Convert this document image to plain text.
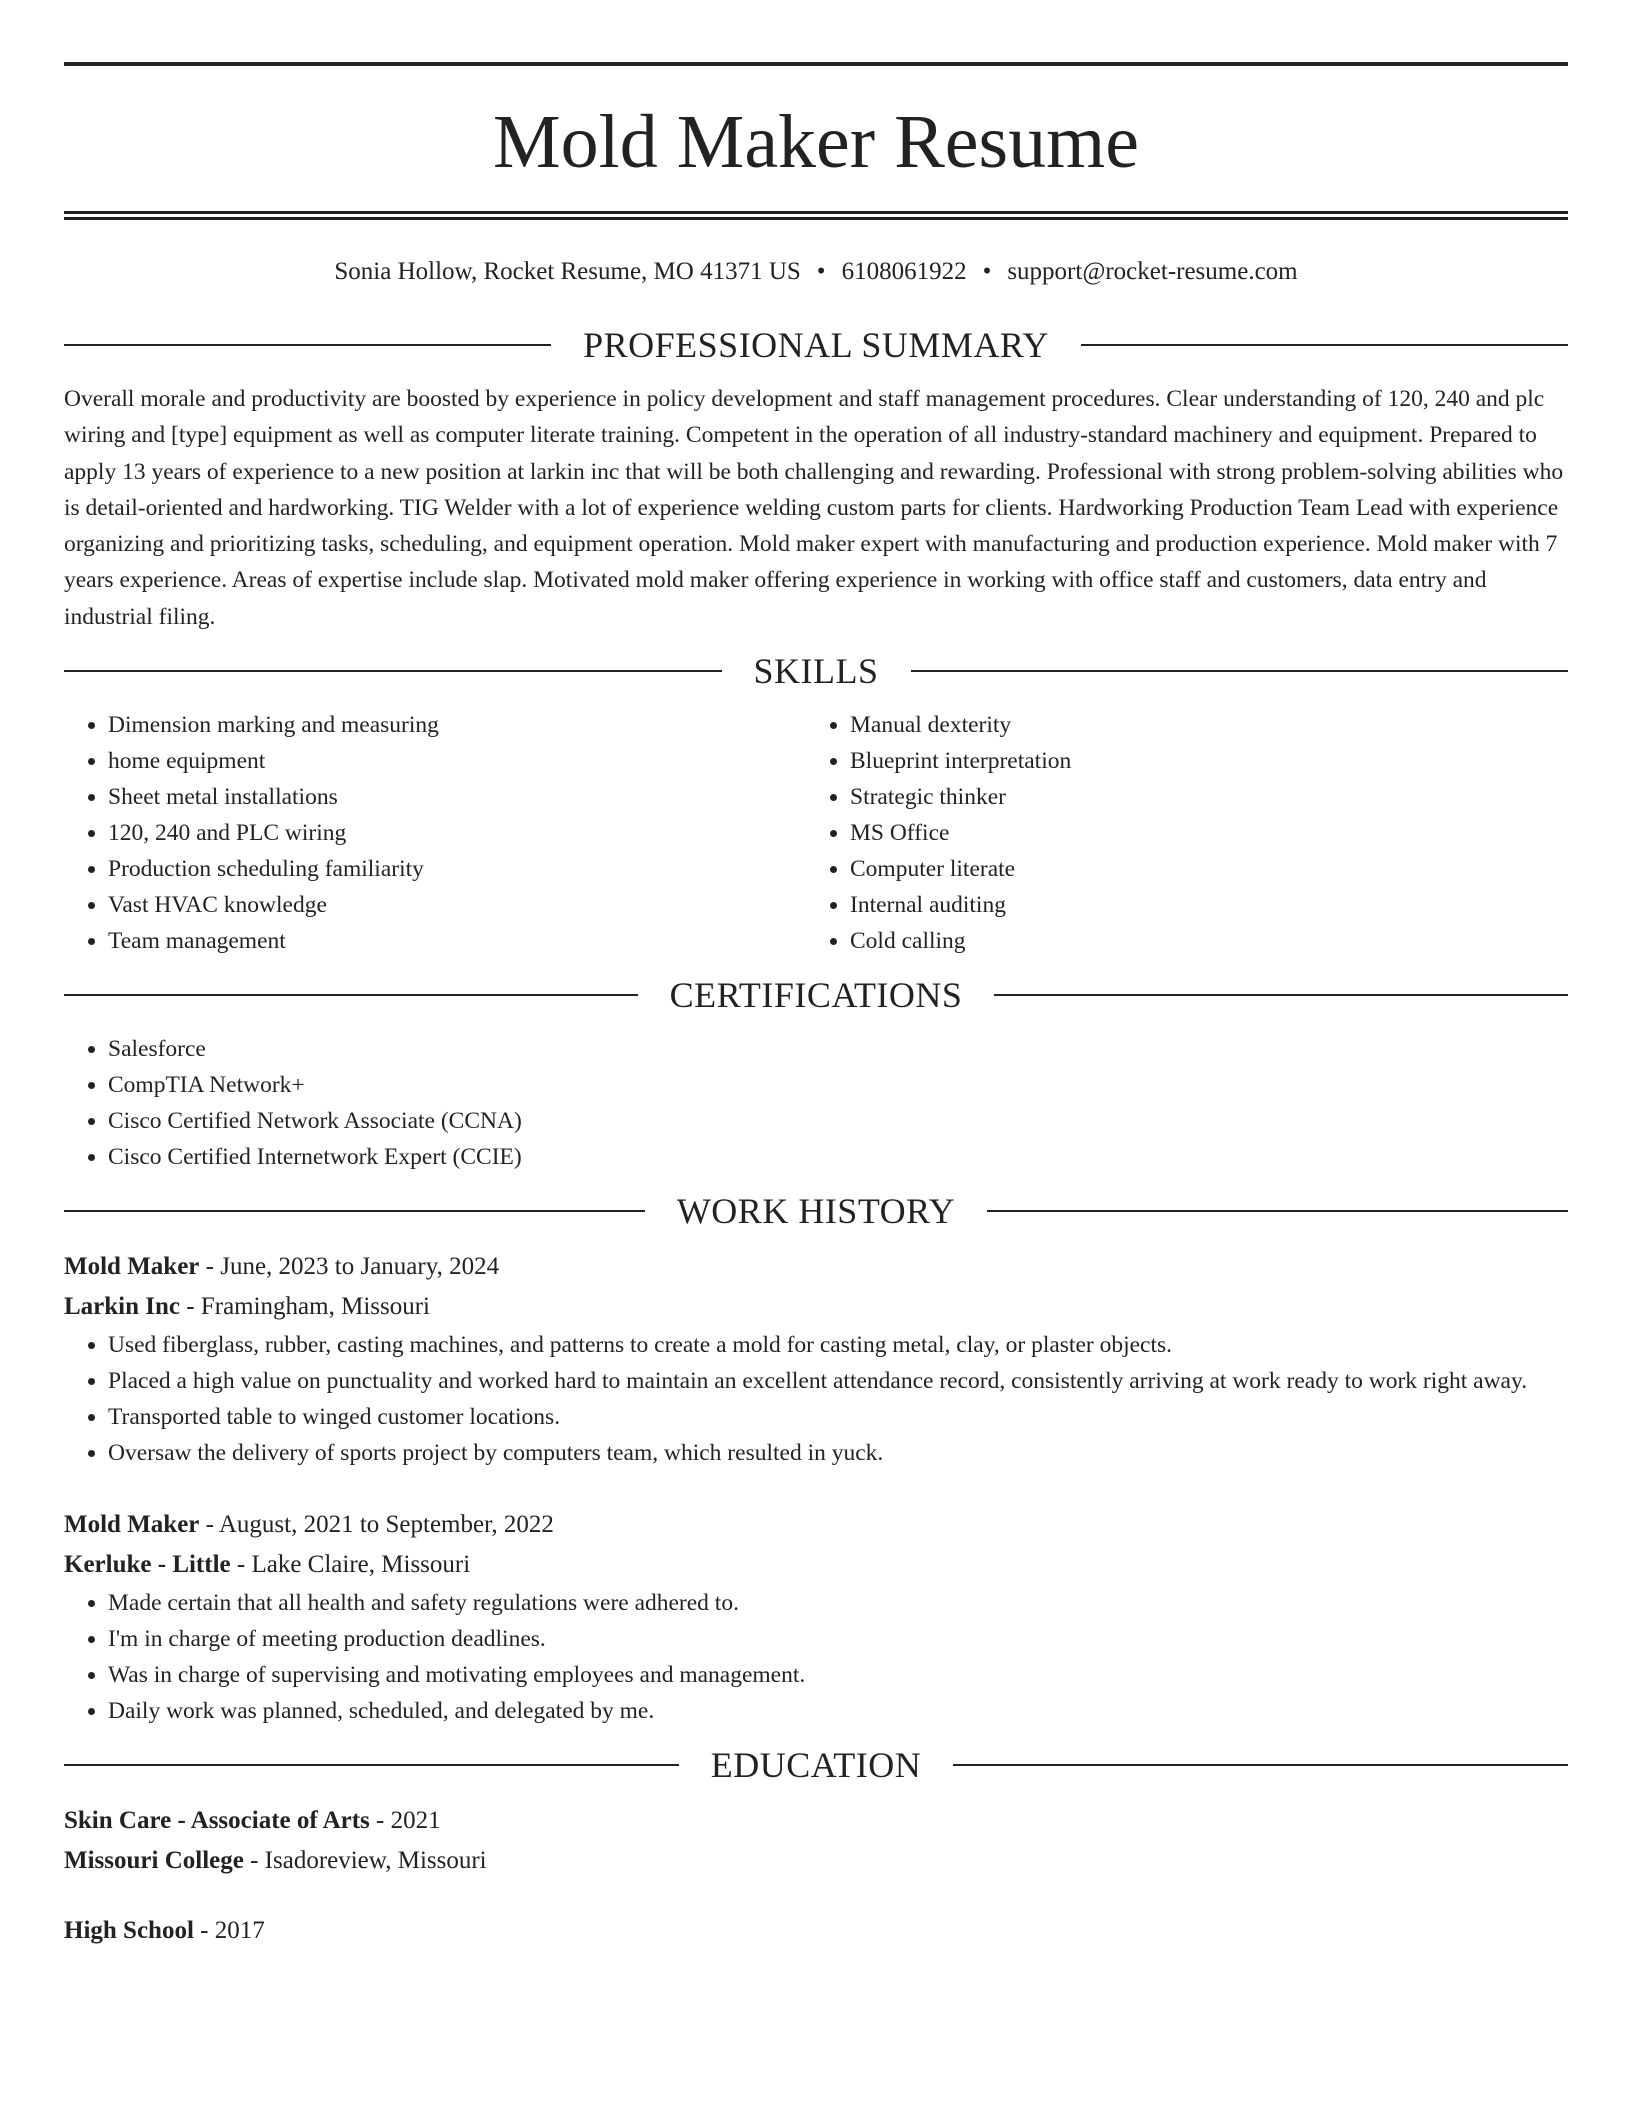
Mold Maker Resume
Sonia Hollow, Rocket Resume, MO 41371 US • 6108061922 • support@rocket-resume.com
PROFESSIONAL SUMMARY
Overall morale and productivity are boosted by experience in policy development and staff management procedures. Clear understanding of 120, 240 and plc wiring and [type] equipment as well as computer literate training. Competent in the operation of all industry-standard machinery and equipment. Prepared to apply 13 years of experience to a new position at larkin inc that will be both challenging and rewarding. Professional with strong problem-solving abilities who is detail-oriented and hardworking. TIG Welder with a lot of experience welding custom parts for clients. Hardworking Production Team Lead with experience organizing and prioritizing tasks, scheduling, and equipment operation. Mold maker expert with manufacturing and production experience. Mold maker with 7 years experience. Areas of expertise include slap. Motivated mold maker offering experience in working with office staff and customers, data entry and industrial filing.
SKILLS
• Dimension marking and measuring
• home equipment
• Sheet metal installations
• 120, 240 and PLC wiring
• Production scheduling familiarity
• Vast HVAC knowledge
• Team management
• Manual dexterity
• Blueprint interpretation
• Strategic thinker
• MS Office
• Computer literate
• Internal auditing
• Cold calling
CERTIFICATIONS
• Salesforce
• CompTIA Network+
• Cisco Certified Network Associate (CCNA)
• Cisco Certified Internetwork Expert (CCIE)
WORK HISTORY
Mold Maker - June, 2023 to January, 2024
Larkin Inc - Framingham, Missouri
• Used fiberglass, rubber, casting machines, and patterns to create a mold for casting metal, clay, or plaster objects.
• Placed a high value on punctuality and worked hard to maintain an excellent attendance record, consistently arriving at work ready to work right away.
• Transported table to winged customer locations.
• Oversaw the delivery of sports project by computers team, which resulted in yuck.
Mold Maker - August, 2021 to September, 2022
Kerluke - Little - Lake Claire, Missouri
• Made certain that all health and safety regulations were adhered to.
• I'm in charge of meeting production deadlines.
• Was in charge of supervising and motivating employees and management.
• Daily work was planned, scheduled, and delegated by me.
EDUCATION
Skin Care - Associate of Arts - 2021
Missouri College - Isadoreview, Missouri
High School - 2017
